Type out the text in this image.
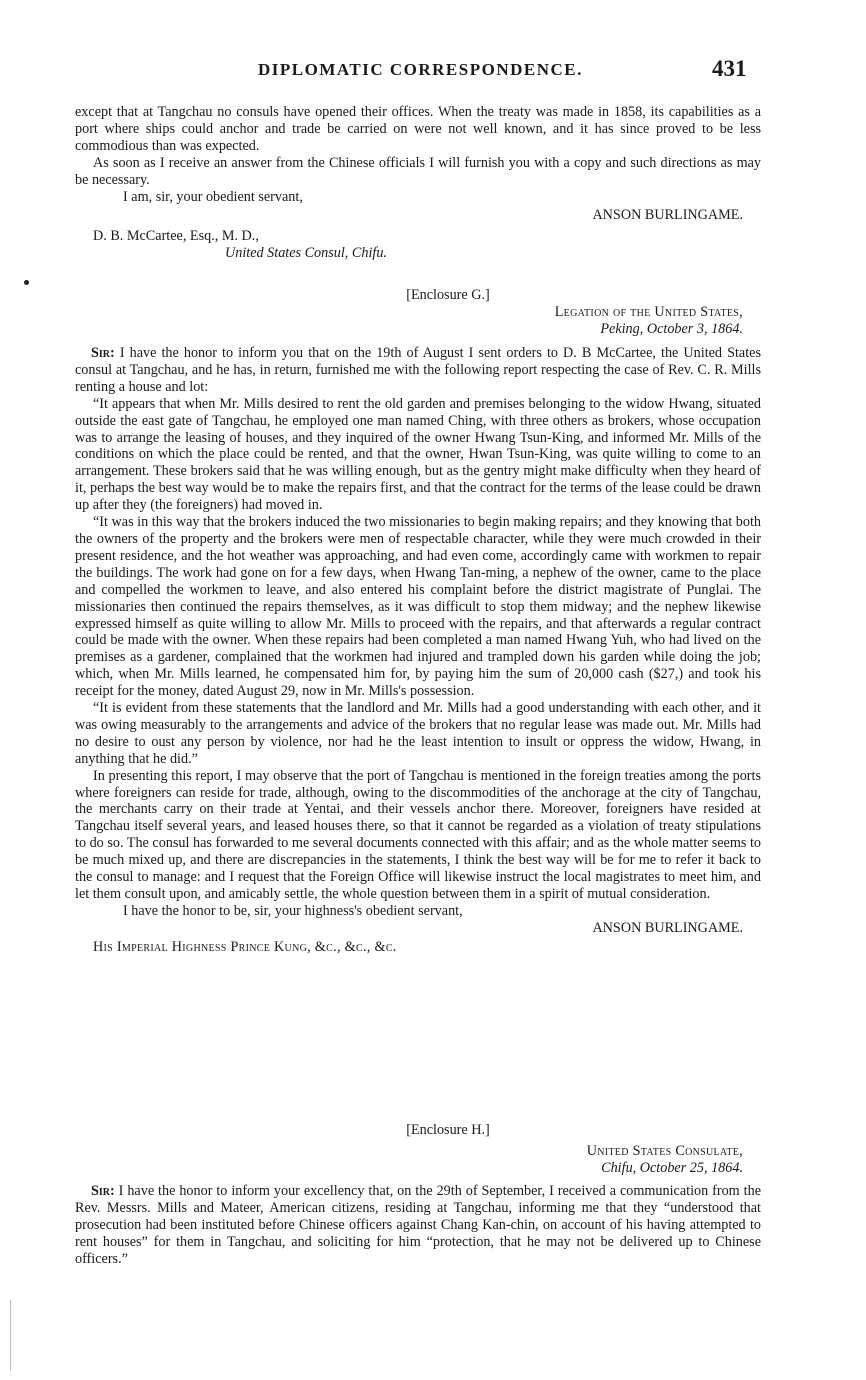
DIPLOMATIC CORRESPONDENCE.	431

except that at Tangchau no consuls have opened their offices. When the treaty was made in 1858, its capabilities as a port where ships could anchor and trade be carried on were not well known, and it has since proved to be less commodious than was expected.

As soon as I receive an answer from the Chinese officials I will furnish you with a copy and such directions as may be necessary.

I am, sir, your obedient servant,

ANSON BURLINGAME.

D. B. McCartee, Esq., M. D.,

United States Consul, Chifu.

[Enclosure G.]

Legation of the United States,

Peking, October 3, 1864.

Sir: I have the honor to inform you that on the 19th of August I sent orders to D. B McCartee, the United States consul at Tangchau, and he has, in return, furnished me with the following report respecting the case of Rev. C. R. Mills renting a house and lot:

“It appears that when Mr. Mills desired to rent the old garden and premises belonging to the widow Hwang, situated outside the east gate of Tangchau, he employed one man named Ching, with three others as brokers, whose occupation was to arrange the leasing of houses, and they inquired of the owner Hwang Tsun-King, and informed Mr. Mills of the conditions on which the place could be rented, and that the owner, Hwan Tsun-King, was quite willing to come to an arrangement. These brokers said that he was willing enough, but as the gentry might make difficulty when they heard of it, perhaps the best way would be to make the repairs first, and that the contract for the terms of the lease could be drawn up after they (the foreigners) had moved in.

“It was in this way that the brokers induced the two missionaries to begin making repairs; and they knowing that both the owners of the property and the brokers were men of respectable character, while they were much crowded in their present residence, and the hot weather was approaching, and had even come, accordingly came with workmen to repair the buildings. The work had gone on for a few days, when Hwang Tan-ming, a nephew of the owner, came to the place and compelled the workmen to leave, and also entered his complaint before the district magistrate of Punglai. The missionaries then continued the repairs themselves, as it was difficult to stop them midway; and the nephew likewise expressed himself as quite willing to allow Mr. Mills to proceed with the repairs, and that afterwards a regular contract could be made with the owner. When these repairs had been completed a man named Hwang Yuh, who had lived on the premises as a gardener, complained that the workmen had injured and trampled down his garden while doing the job; which, when Mr. Mills learned, he compensated him for, by paying him the sum of 20,000 cash ($27,) and took his receipt for the money, dated August 29, now in Mr. Mills's possession.

“It is evident from these statements that the landlord and Mr. Mills had a good understanding with each other, and it was owing measurably to the arrangements and advice of the brokers that no regular lease was made out. Mr. Mills had no desire to oust any person by violence, nor had he the least intention to insult or oppress the widow, Hwang, in anything that he did.”

In presenting this report, I may observe that the port of Tangchau is mentioned in the foreign treaties among the ports where foreigners can reside for trade, although, owing to the discommodities of the anchorage at the city of Tangchau, the merchants carry on their trade at Yentai, and their vessels anchor there. Moreover, foreigners have resided at Tangchau itself several years, and leased houses there, so that it cannot be regarded as a violation of treaty stipulations to do so. The consul has forwarded to me several documents connected with this affair; and as the whole matter seems to be much mixed up, and there are discrepancies in the statements, I think the best way will be for me to refer it back to the consul to manage: and I request that the Foreign Office will likewise instruct the local magistrates to meet him, and let them consult upon, and amicably settle, the whole question between them in a spirit of mutual consideration.

I have the honor to be, sir, your highness's obedient servant,

ANSON BURLINGAME.

His Imperial Highness Prince Kung, &c., &c., &c.

[Enclosure H.]

United States Consulate,

Chifu, October 25, 1864.

Sir: I have the honor to inform your excellency that, on the 29th of September, I received a communication from the Rev. Messrs. Mills and Mateer, American citizens, residing at Tangchau, informing me that they “understood that prosecution had been instituted before Chinese officers against Chang Kan-chin, on account of his having attempted to rent houses” for them in Tangchau, and soliciting for him “protection, that he may not be delivered up to Chinese officers.”
